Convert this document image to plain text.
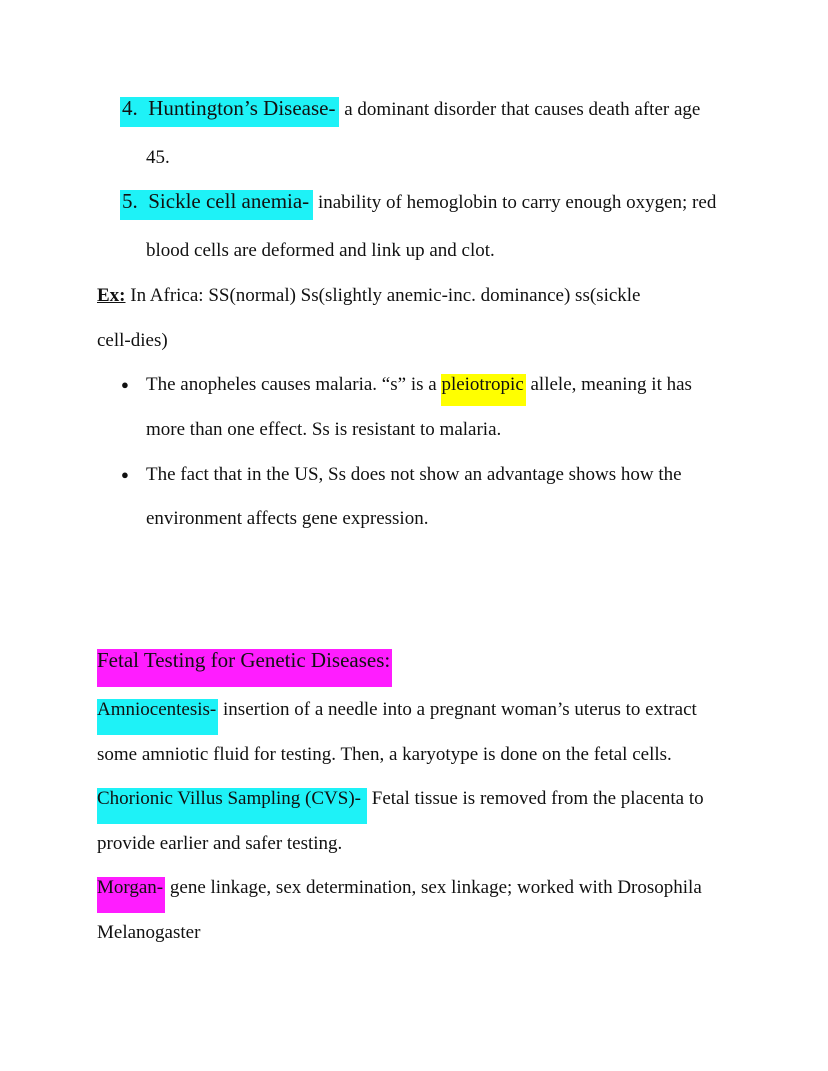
4. Huntington’s Disease- a dominant disorder that causes death after age
45.
5. Sickle cell anemia- inability of hemoglobin to carry enough oxygen; red
blood cells are deformed and link up and clot.
Ex: In Africa: SS(normal) Ss(slightly anemic-inc. dominance) ss(sickle
cell-dies)
● The anopheles causes malaria. “s” is a pleiotropic allele, meaning it has
more than one effect. Ss is resistant to malaria.
● The fact that in the US, Ss does not show an advantage shows how the
environment affects gene expression.
Fetal Testing for Genetic Diseases:
Amniocentesis- insertion of a needle into a pregnant woman’s uterus to extract
some amniotic fluid for testing. Then, a karyotype is done on the fetal cells.
Chorionic Villus Sampling (CVS)- Fetal tissue is removed from the placenta to
provide earlier and safer testing.
Morgan- gene linkage, sex determination, sex linkage; worked with Drosophila
Melanogaster
